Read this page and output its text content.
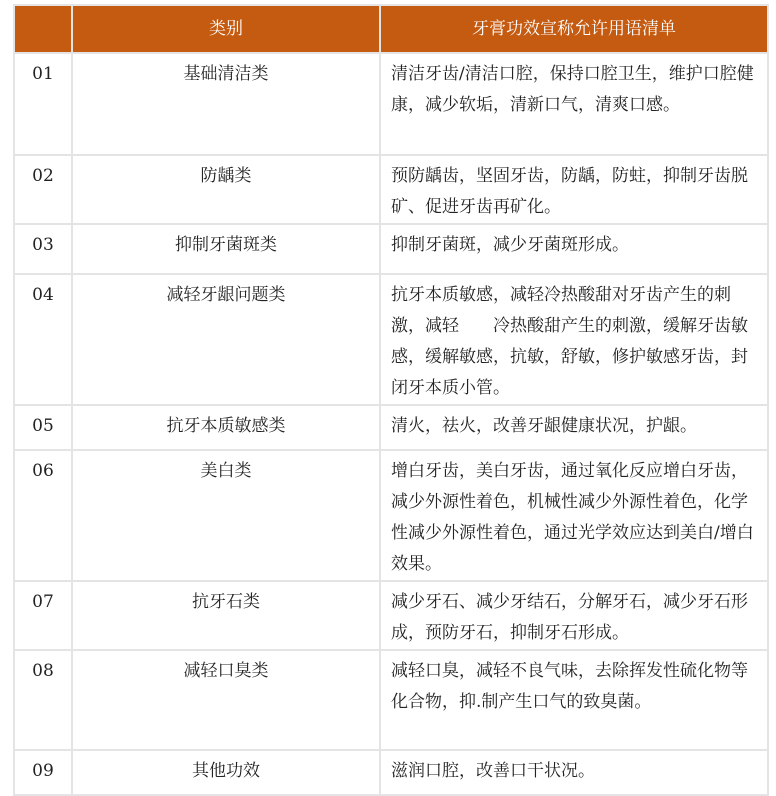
	类别	牙膏功效宣称允许用语清单
01	基础清洁类	清洁牙齿/清洁口腔，保持口腔卫生，维护口腔健康，减少软垢，清新口气，清爽口感。
02	防龋类	预防龋齿，坚固牙齿，防龋，防蛀，抑制牙齿脱矿、促进牙齿再矿化。
03	抑制牙菌斑类	抑制牙菌斑，减少牙菌斑形成。
04	减轻牙龈问题类	抗牙本质敏感，减轻冷热酸甜对牙齿产生的刺激，减轻　　冷热酸甜产生的刺激，缓解牙齿敏感，缓解敏感，抗敏，舒敏，修护敏感牙齿，封闭牙本质小管。
05	抗牙本质敏感类	清火，祛火，改善牙龈健康状况，护龈。
06	美白类	增白牙齿，美白牙齿，通过氧化反应增白牙齿，减少外源性着色，机械性减少外源性着色，化学性减少外源性着色，通过光学效应达到美白/增白效果。
07	抗牙石类	减少牙石、减少牙结石，分解牙石，减少牙石形成，预防牙石，抑制牙石形成。
08	减轻口臭类	减轻口臭，减轻不良气味，去除挥发性硫化物等化合物，抑.制产生口气的致臭菌。
09	其他功效	滋润口腔，改善口干状况。
